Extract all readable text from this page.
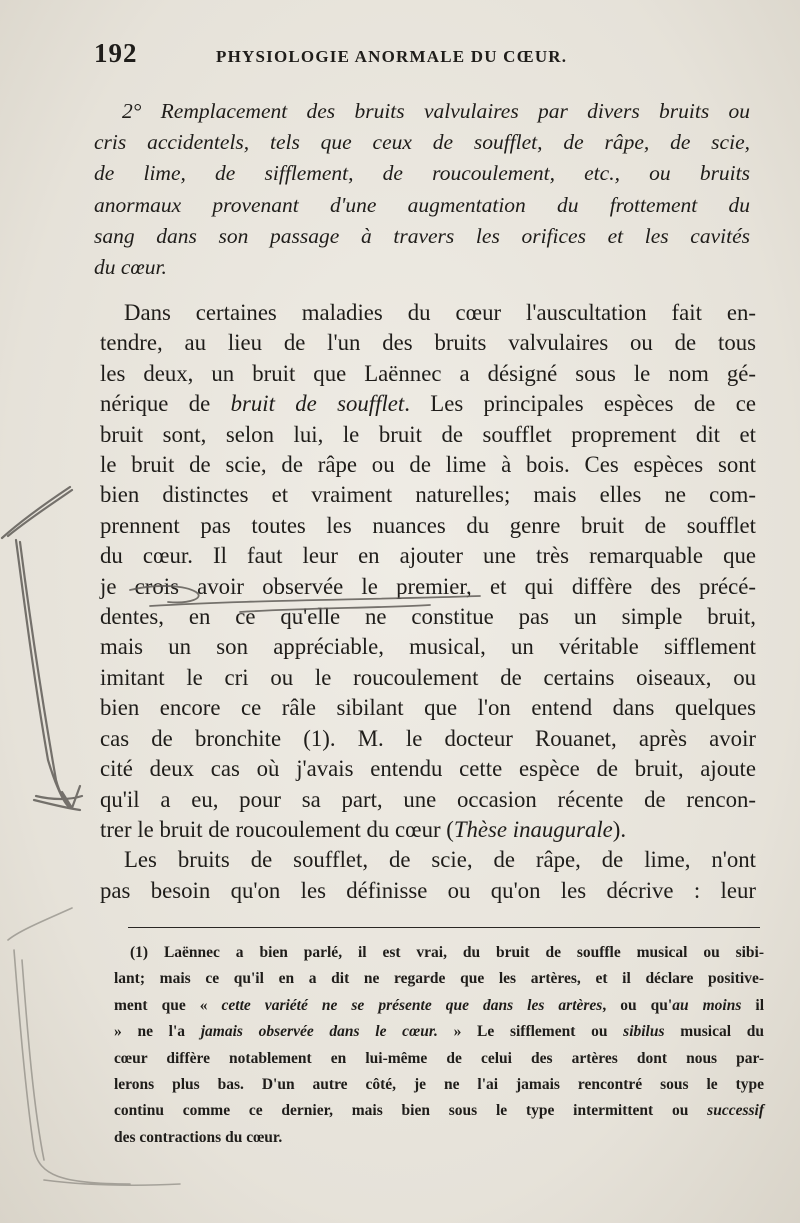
192	PHYSIOLOGIE ANORMALE DU CŒUR.
2° Remplacement des bruits valvulaires par divers bruits ou
cris accidentels, tels que ceux de soufflet, de râpe, de scie,
de lime, de sifflement, de roucoulement, etc., ou bruits
anormaux provenant d'une augmentation du frottement du
sang dans son passage à travers les orifices et les cavités
du cœur.
Dans certaines maladies du cœur l'auscultation fait en-
tendre, au lieu de l'un des bruits valvulaires ou de tous
les deux, un bruit que Laënnec a désigné sous le nom gé-
nérique de bruit de soufflet. Les principales espèces de ce
bruit sont, selon lui, le bruit de soufflet proprement dit et
le bruit de scie, de râpe ou de lime à bois. Ces espèces sont
bien distinctes et vraiment naturelles; mais elles ne com-
prennent pas toutes les nuances du genre bruit de soufflet
du cœur. Il faut leur en ajouter une très remarquable que
je crois avoir observée le premier, et qui diffère des précé-
dentes, en ce qu'elle ne constitue pas un simple bruit,
mais un son appréciable, musical, un véritable sifflement
imitant le cri ou le roucoulement de certains oiseaux, ou
bien encore ce râle sibilant que l'on entend dans quelques
cas de bronchite (1). M. le docteur Rouanet, après avoir
cité deux cas où j'avais entendu cette espèce de bruit, ajoute
qu'il a eu, pour sa part, une occasion récente de rencon-
trer le bruit de roucoulement du cœur (Thèse inaugurale).
Les bruits de soufflet, de scie, de râpe, de lime, n'ont
pas besoin qu'on les définisse ou qu'on les décrive : leur
(1) Laënnec a bien parlé, il est vrai, du bruit de souffle musical ou sibi-
lant; mais ce qu'il en a dit ne regarde que les artères, et il déclare positive-
ment que « cette variété ne se présente que dans les artères, ou qu'au moins il
» ne l'a jamais observée dans le cœur. » Le sifflement ou sibilus musical du
cœur diffère notablement en lui-même de celui des artères dont nous par-
lerons plus bas. D'un autre côté, je ne l'ai jamais rencontré sous le type
continu comme ce dernier, mais bien sous le type intermittent ou successif
des contractions du cœur.
